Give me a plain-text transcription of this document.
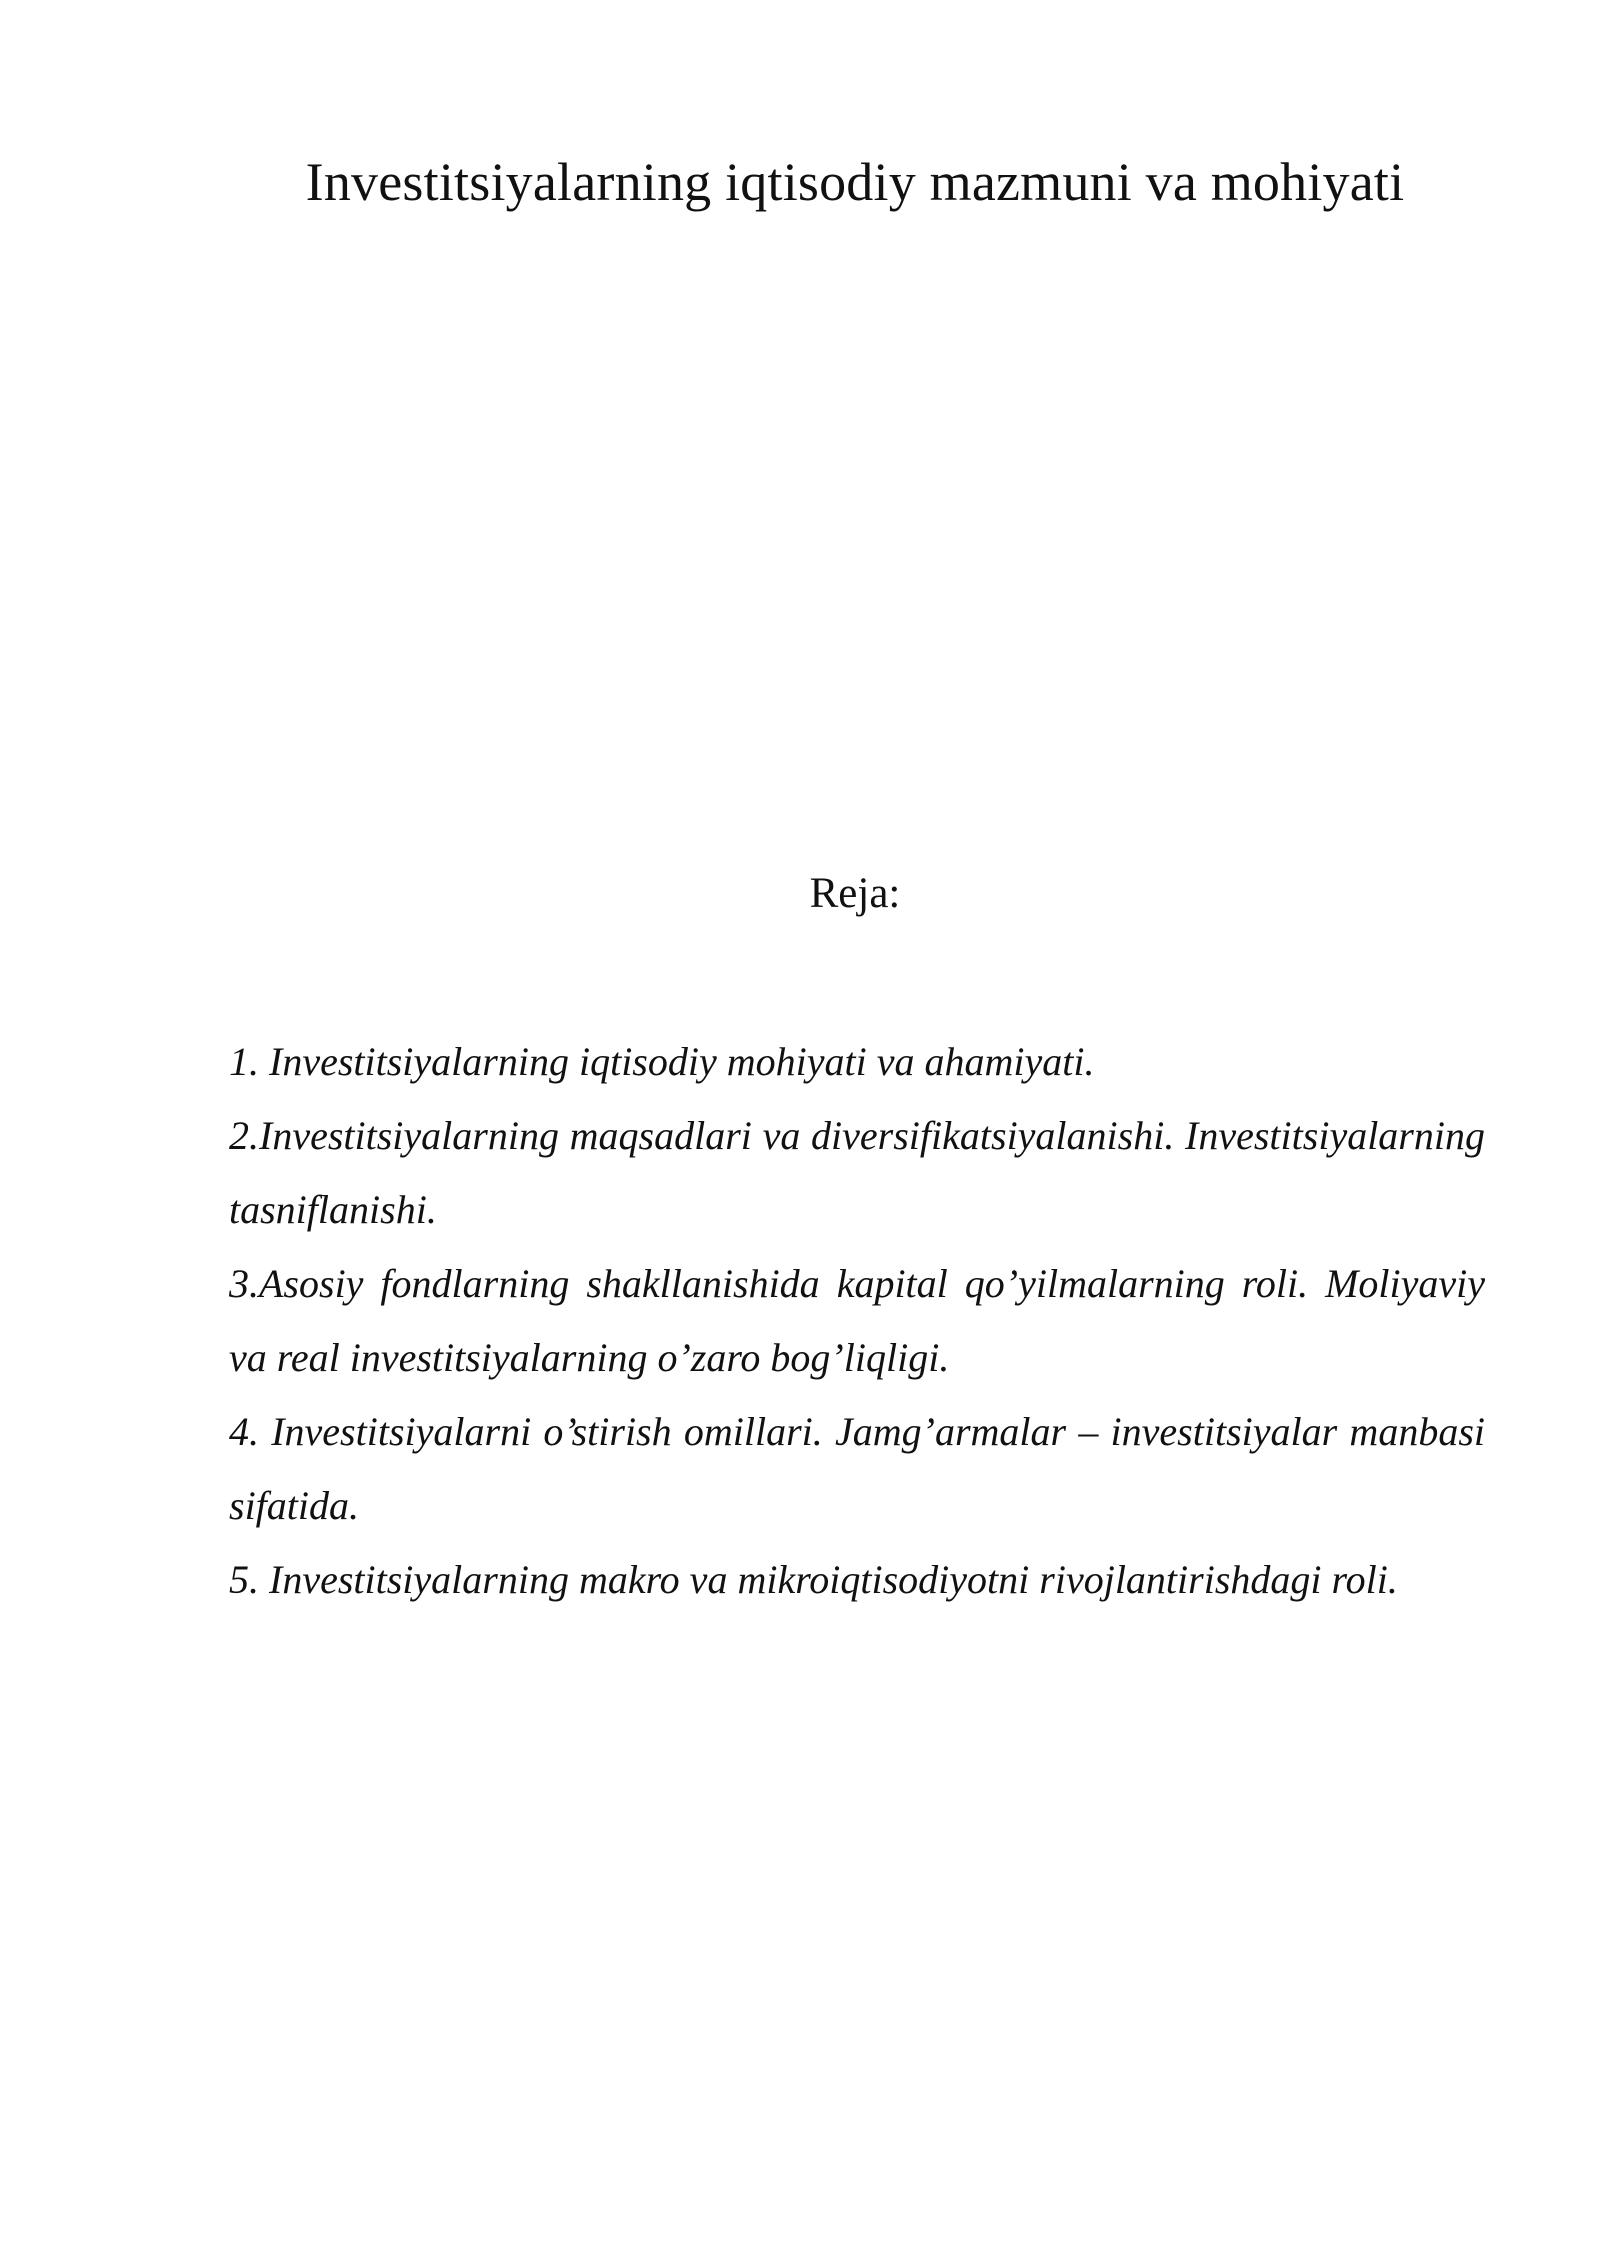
Investitsiyalarning iqtisodiy mazmuni va mohiyati
Reja:
1. Investitsiyalarning iqtisodiy mohiyati va ahamiyati.
2.Investitsiyalarning maqsadlari va diversifikatsiyalanishi. Investitsiyalarning tasniflanishi.
3.Asosiy fondlarning shakllanishida kapital qo’yilmalarning roli. Moliyaviy va real investitsiyalarning o’zaro bog’liqligi.
4. Investitsiyalarni o’stirish omillari. Jamg’armalar – investitsiyalar manbasi sifatida.
5. Investitsiyalarning makro va mikroiqtisodiyotni rivojlantirishdagi roli.
